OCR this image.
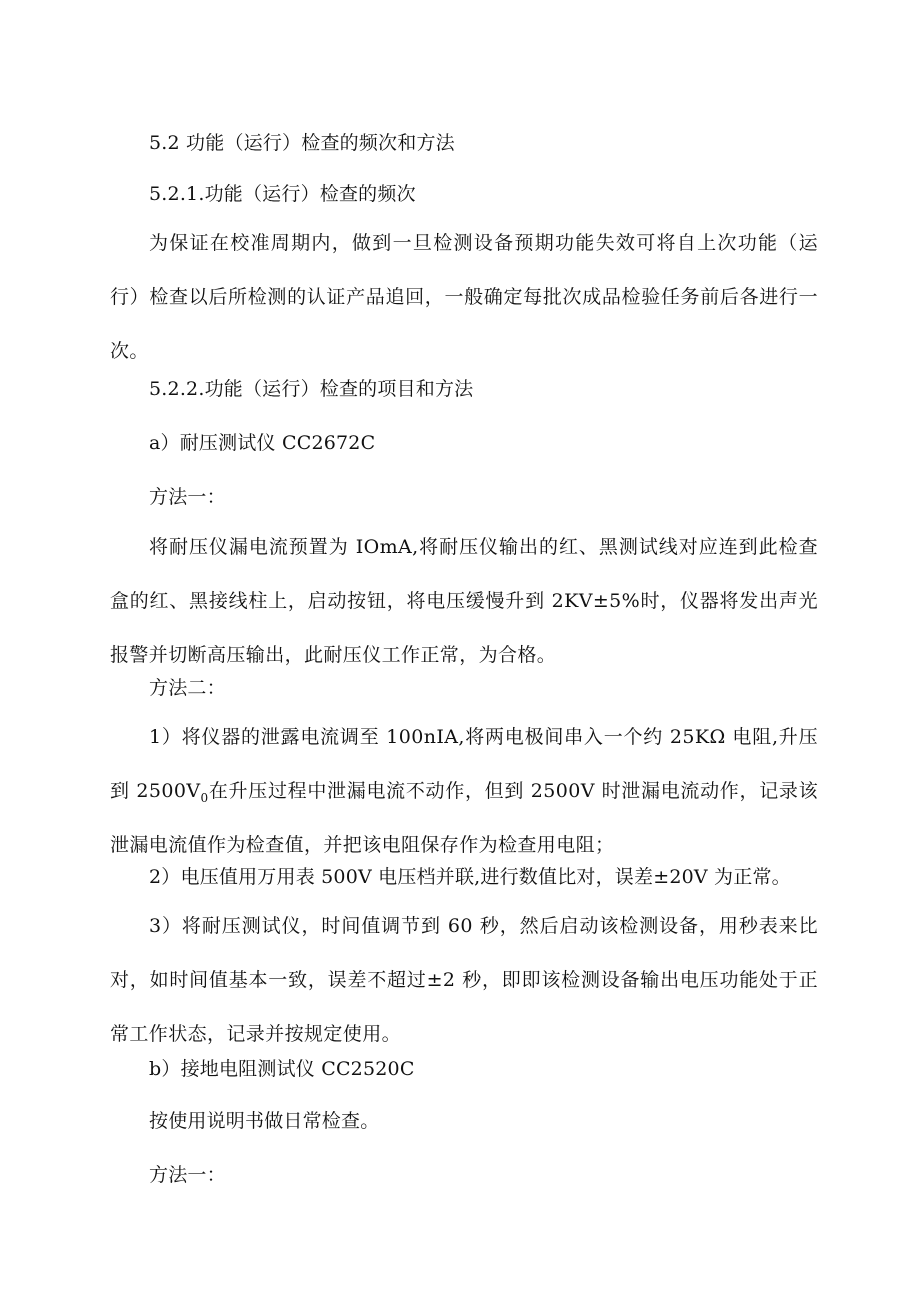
5.2 功能（运行）检查的频次和方法
5.2.1.功能（运行）检查的频次
为保证在校准周期内，做到一旦检测设备预期功能失效可将自上次功能（运行）检查以后所检测的认证产品追回，一般确定每批次成品检验任务前后各进行一次。
5.2.2.功能（运行）检查的项目和方法
a）耐压测试仪 CC2672C
方法一：
将耐压仪漏电流预置为 IOmA,将耐压仪输出的红、黑测试线对应连到此检查盒的红、黑接线柱上，启动按钮，将电压缓慢升到 2KV±5%时，仪器将发出声光报警并切断高压输出，此耐压仪工作正常，为合格。
方法二：
1）将仪器的泄露电流调至 100nIA,将两电极间串入一个约 25KΩ 电阻,升压到 $2500V_0$在升压过程中泄漏电流不动作，但到 2500V 时泄漏电流动作，记录该泄漏电流值作为检查值，并把该电阻保存作为检查用电阻；
2）电压值用万用表 500V 电压档并联,进行数值比对，误差±20V 为正常。
3）将耐压测试仪，时间值调节到 60 秒，然后启动该检测设备，用秒表来比对，如时间值基本一致，误差不超过±2 秒，即即该检测设备输出电压功能处于正常工作状态，记录并按规定使用。
b）接地电阻测试仪 CC2520C
按使用说明书做日常检查。
方法一：
